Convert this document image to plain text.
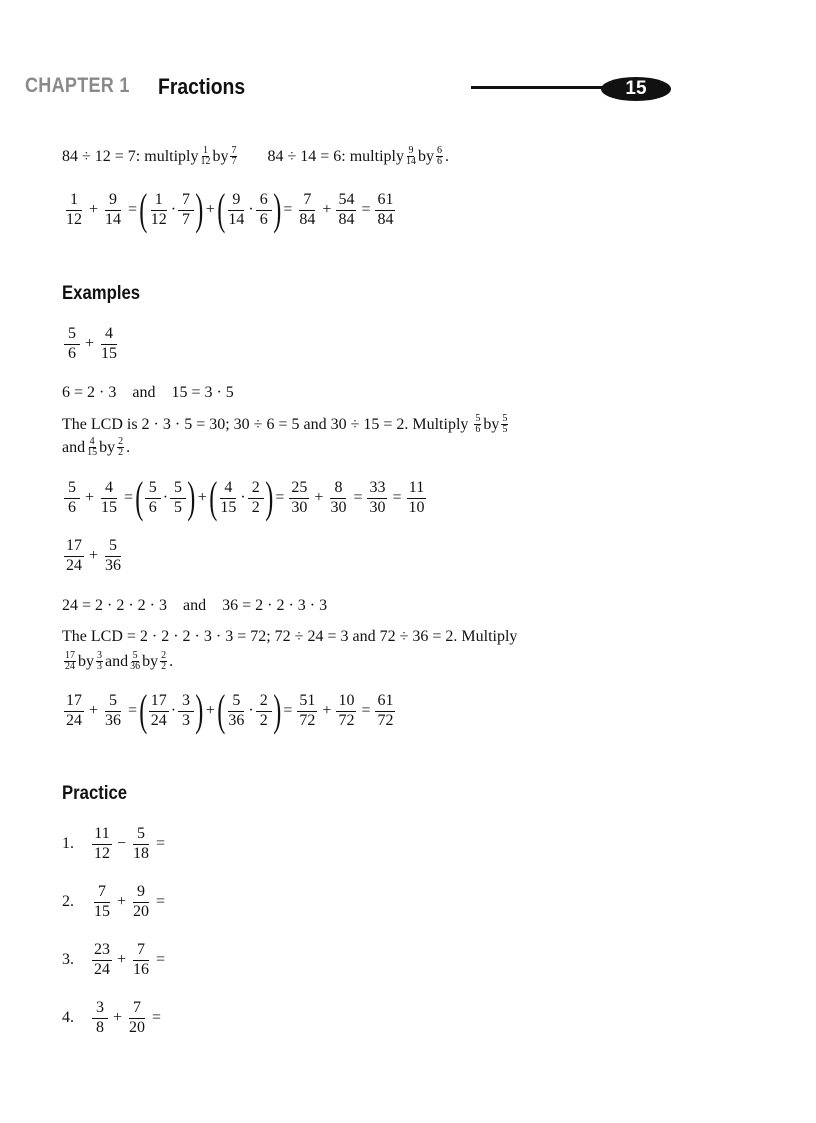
CHAPTER 1 Fractions	15
84 ÷ 12 = 7: multiply $\frac{1}{12}$ by $\frac{7}{7} 84 \div 14 = 6$: multiply $\frac{9}{14}$ by $\frac{6}{6}$ .
$\frac{1}{12} + \frac{9}{14}$ = ( $\frac{1}{12} \cdot \frac{7}{7}$ ) + ( $\frac{9}{14} \cdot \frac{6}{6}$ ) = $\frac{7}{84} + \frac{54}{84} = \frac{61}{84}$
Examples
$\frac{5}{6} + \frac{4}{15}$
6 = 2 · 3    and    15 = 3 · 5
The LCD is 2 · 3 · 5 = 30; 30 ÷ 6 = 5 and 30 ÷ 15 = 2. Multiply $\frac{5}{6}$ by $\frac{5}{5}$
and $\frac{4}{15}$ by $\frac{2}{2}$ .
$\frac{5}{6} + \frac{4}{15}$ = ( $\frac{5}{6} \cdot \frac{5}{5}$ ) + ( $\frac{4}{15} \cdot \frac{2}{2}$ ) = $\frac{25}{30} + \frac{8}{30} = \frac{33}{30} = \frac{11}{10}$
$\frac{17}{24} + \frac{5}{36}$
24 = 2 · 2 · 2 · 3    and    36 = 2 · 2 · 3 · 3
The LCD = 2 · 2 · 2 · 3 · 3 = 72; 72 ÷ 24 = 3 and 72 ÷ 36 = 2. Multiply
$\frac{17}{24}$ by $\frac{3}{3}$ and $\frac{5}{36}$ by $\frac{2}{2}$ .
$\frac{17}{24} + \frac{5}{36}$ = ( $\frac{17}{24} \cdot \frac{3}{3}$ ) + ( $\frac{5}{36} \cdot \frac{2}{2}$ ) = $\frac{51}{72} + \frac{10}{72} = \frac{61}{72}$
Practice
1.	$\frac{11}{12} - \frac{5}{18}$ =
2.	$\frac{7}{15} + \frac{9}{20}$ =
3.	$\frac{23}{24} + \frac{7}{16}$ =
4.	$\frac{3}{8} + \frac{7}{20}$ =
